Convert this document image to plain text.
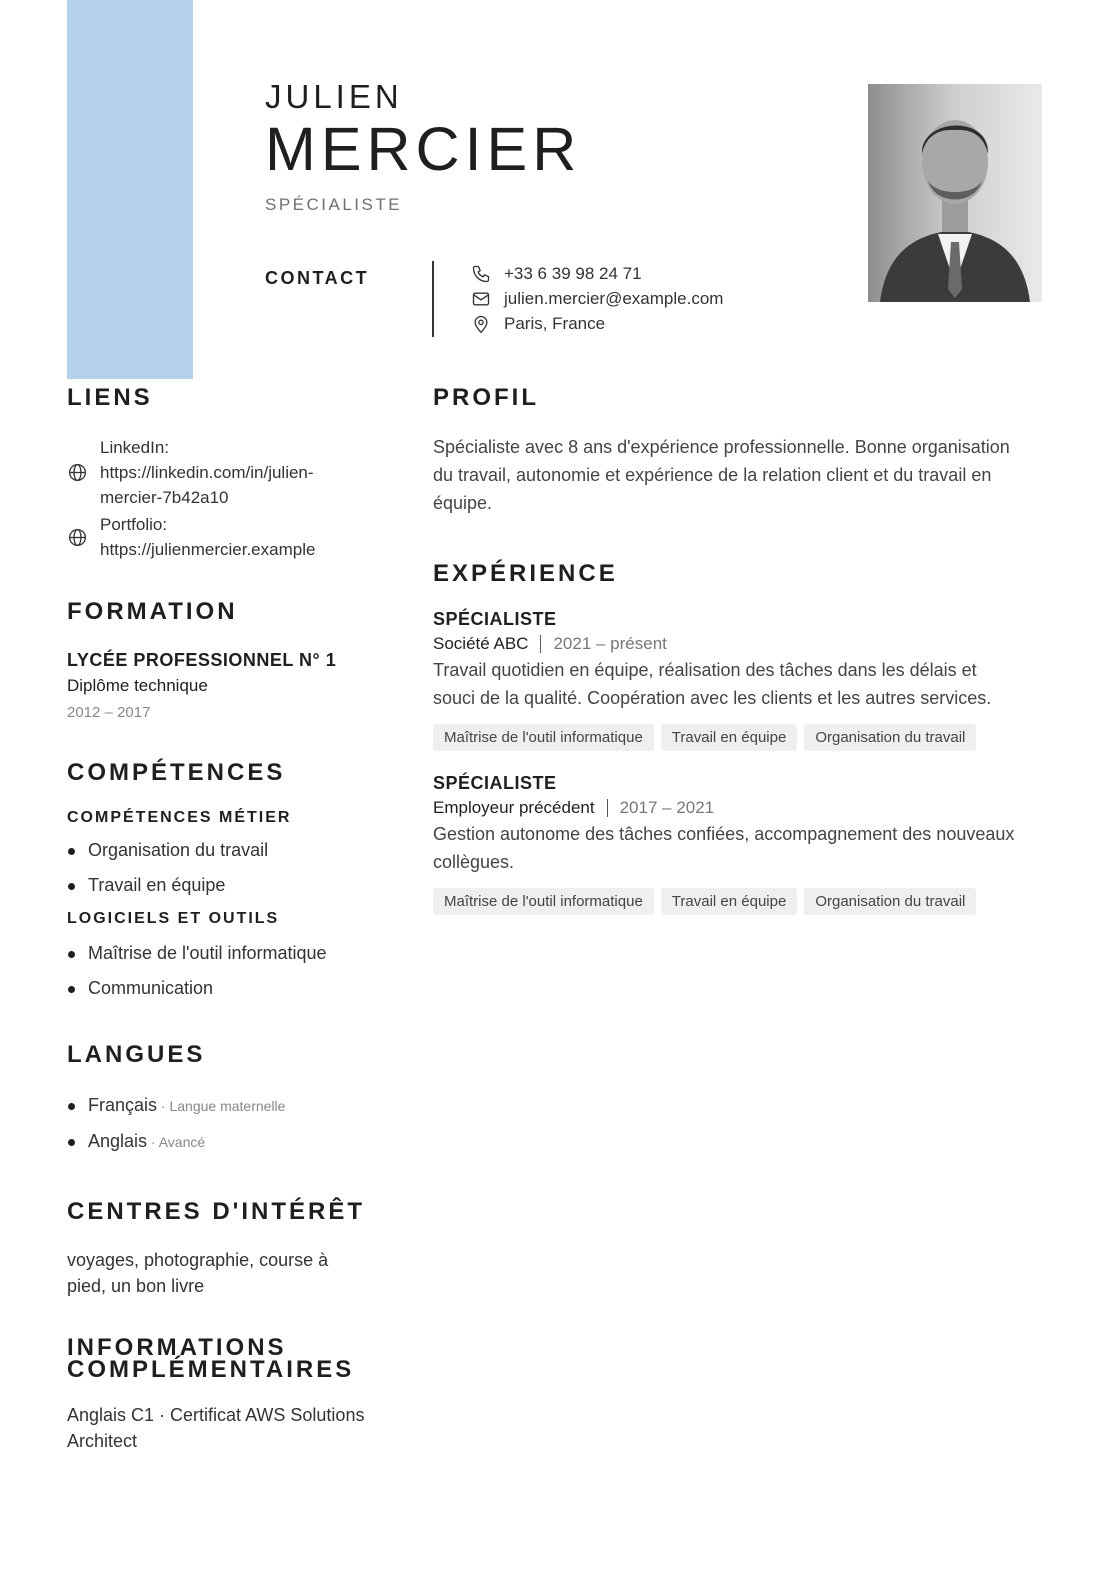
JULIEN
MERCIER
SPÉCIALISTE
CONTACT	+33 6 39 98 24 71
julien.mercier@example.com
Paris, France
LIENS
LinkedIn:
https://linkedin.com/in/julien-
mercier-7b42a10
Portfolio:
https://julienmercier.example
FORMATION
LYCÉE PROFESSIONNEL N° 1
Diplôme technique
2012 – 2017
COMPÉTENCES
COMPÉTENCES MÉTIER
Organisation du travail
Travail en équipe
LOGICIELS ET OUTILS
Maîtrise de l'outil informatique
Communication
LANGUES
Français · Langue maternelle
Anglais · Avancé
CENTRES D'INTÉRÊT
voyages, photographie, course à
pied, un bon livre
INFORMATIONS
COMPLÉMENTAIRES
Anglais C1 · Certificat AWS Solutions
Architect
PROFIL
Spécialiste avec 8 ans d'expérience professionnelle. Bonne organisation
du travail, autonomie et expérience de la relation client et du travail en
équipe.
EXPÉRIENCE
SPÉCIALISTE
Société ABC 2021 – présent
Travail quotidien en équipe, réalisation des tâches dans les délais et
souci de la qualité. Coopération avec les clients et les autres services.
Maîtrise de l'outil informatique	Travail en équipe	Organisation du travail
SPÉCIALISTE
Employeur précédent 2017 – 2021
Gestion autonome des tâches confiées, accompagnement des nouveaux
collègues.
Maîtrise de l'outil informatique	Travail en équipe	Organisation du travail
